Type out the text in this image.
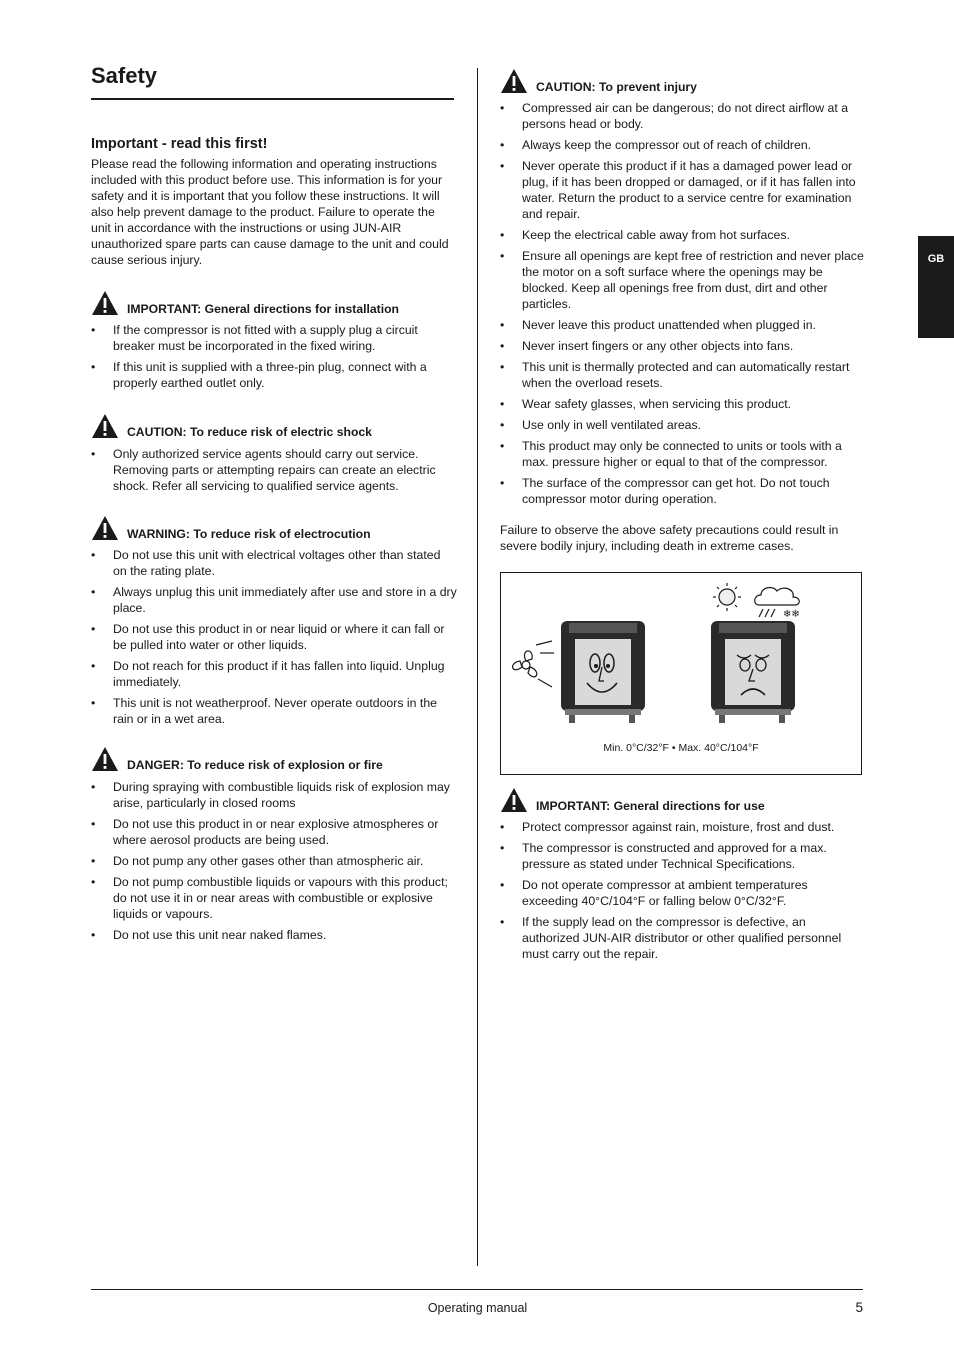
Safety
GB
Important - read this first!

Please read the following information and operating instructions included with this product before use. This information is for your safety and it is important that you follow these instructions. It will also help prevent damage to the product. Failure to operate the unit in accordance with the instructions or using JUN-AIR unauthorized spare parts can cause damage to the unit and could cause serious injury.

IMPORTANT: General directions for installation
• If the compressor is not fitted with a supply plug a circuit breaker must be incorporated in the fixed wiring.
• If this unit is supplied with a three-pin plug, connect with a properly earthed outlet only.
CAUTION: To reduce risk of electric shock
• Only authorized service agents should carry out service. Removing parts or attempting repairs can create an electric shock. Refer all servicing to qualified service agents.
WARNING: To reduce risk of electrocution
• Do not use this unit with electrical voltages other than stated on the rating plate.
• Always unplug this unit immediately after use and store in a dry place.
• Do not use this product in or near liquid or where it can fall or be pulled into water or other liquids.
• Do not reach for this product if it has fallen into liquid. Unplug immediately.
• This unit is not weatherproof. Never operate outdoors in the rain or in a wet area.
DANGER: To reduce risk of explosion or fire
• During spraying with combustible liquids risk of explosion may arise, particularly in closed rooms
• Do not use this product in or near explosive atmospheres or where aerosol products are being used.
• Do not pump any other gases other than atmospheric air.
• Do not pump combustible liquids or vapours with this product; do not use it in or near areas with combustible or explosive liquids or vapours.
• Do not use this unit near naked flames.
CAUTION: To prevent injury
• Compressed air can be dangerous; do not direct airflow at a persons head or body.
• Always keep the compressor out of reach of children.
• Never operate this product if it has a damaged power lead or plug, if it has been dropped or damaged, or if it has fallen into water. Return the product to a service centre for examination and repair.
• Keep the electrical cable away from hot surfaces.
• Ensure all openings are kept free of restriction and never place the motor on a soft surface where the openings may be blocked. Keep all openings free from dust, dirt and other particles.
• Never leave this product unattended when plugged in.
• Never insert fingers or any other objects into fans.
• This unit is thermally protected and can automatically restart when the overload resets.
• Wear safety glasses, when servicing this product.
• Use only in well ventilated areas.
• This product may only be connected to units or tools with a max. pressure higher or equal to that of the compressor.
• The surface of the compressor can get hot. Do not touch compressor motor during operation.

Failure to observe the above safety precautions could result in severe bodily injury, including death in extreme cases.

❄❄
Min. 0°C/32°F • Max. 40°C/104°F
IMPORTANT: General directions for use
• Protect compressor against rain, moisture, frost and dust.
• The compressor is constructed and approved for a max. pressure as stated under Technical Specifications.
• Do not operate compressor at ambient temperatures exceeding 40°C/104°F or falling below 0°C/32°F.
• If the supply lead on the compressor is defective, an authorized JUN-AIR distributor or other qualified personnel must carry out the repair.
Operating manual	5
